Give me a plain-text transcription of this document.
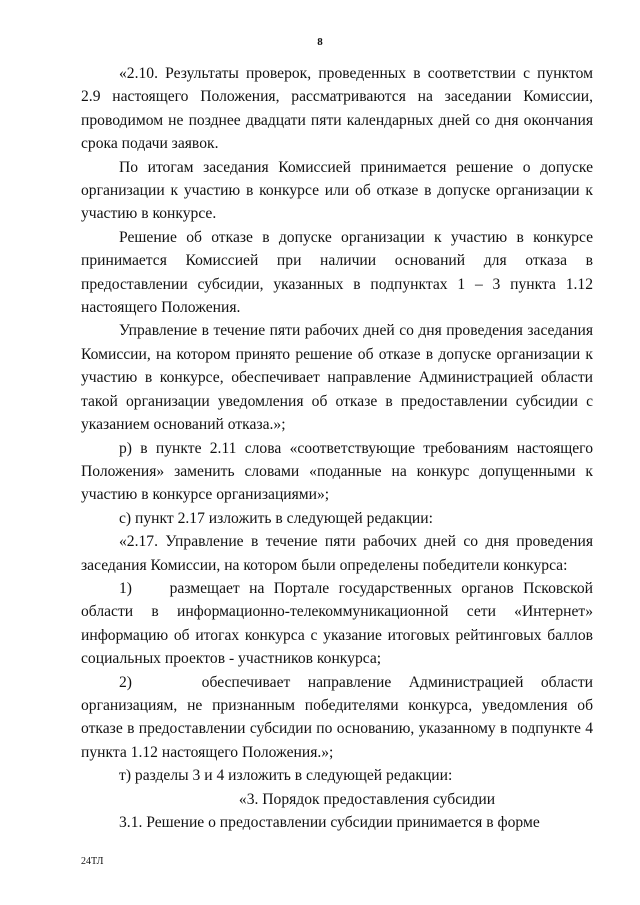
8

«2.10. Результаты проверок, проведенных в соответствии с пунктом 2.9 настоящего Положения, рассматриваются на заседании Комиссии, проводимом не позднее двадцати пяти календарных дней со дня окончания срока подачи заявок.

По итогам заседания Комиссией принимается решение о допуске организации к участию в конкурсе или об отказе в допуске организации к участию в конкурсе.

Решение об отказе в допуске организации к участию в конкурсе принимается Комиссией при наличии оснований для отказа в предоставлении субсидии, указанных в подпунктах 1 – 3 пункта 1.12 настоящего Положения.

Управление в течение пяти рабочих дней со дня проведения заседания Комиссии, на котором принято решение об отказе в допуске организации к участию в конкурсе, обеспечивает направление Администрацией области такой организации уведомления об отказе в предоставлении субсидии с указанием оснований отказа.»;

р) в пункте 2.11 слова «соответствующие требованиям настоящего Положения» заменить словами «поданные на конкурс допущенными к участию в конкурсе организациями»;

с) пункт 2.17 изложить в следующей редакции:

«2.17. Управление в течение пяти рабочих дней со дня проведения заседания Комиссии, на котором были определены победители конкурса:

1)    размещает на Портале государственных органов Псковской области в информационно-телекоммуникационной сети «Интернет» информацию об итогах конкурса с указание итоговых рейтинговых баллов социальных проектов - участников конкурса;

2)    обеспечивает направление Администрацией области организациям, не признанным победителями конкурса, уведомления об отказе в предоставлении субсидии по основанию, указанному в подпункте 4 пункта 1.12 настоящего Положения.»;

т) разделы 3 и 4 изложить в следующей редакции:

«3. Порядок предоставления субсидии

3.1. Решение о предоставлении субсидии принимается в форме

24ТЛ
